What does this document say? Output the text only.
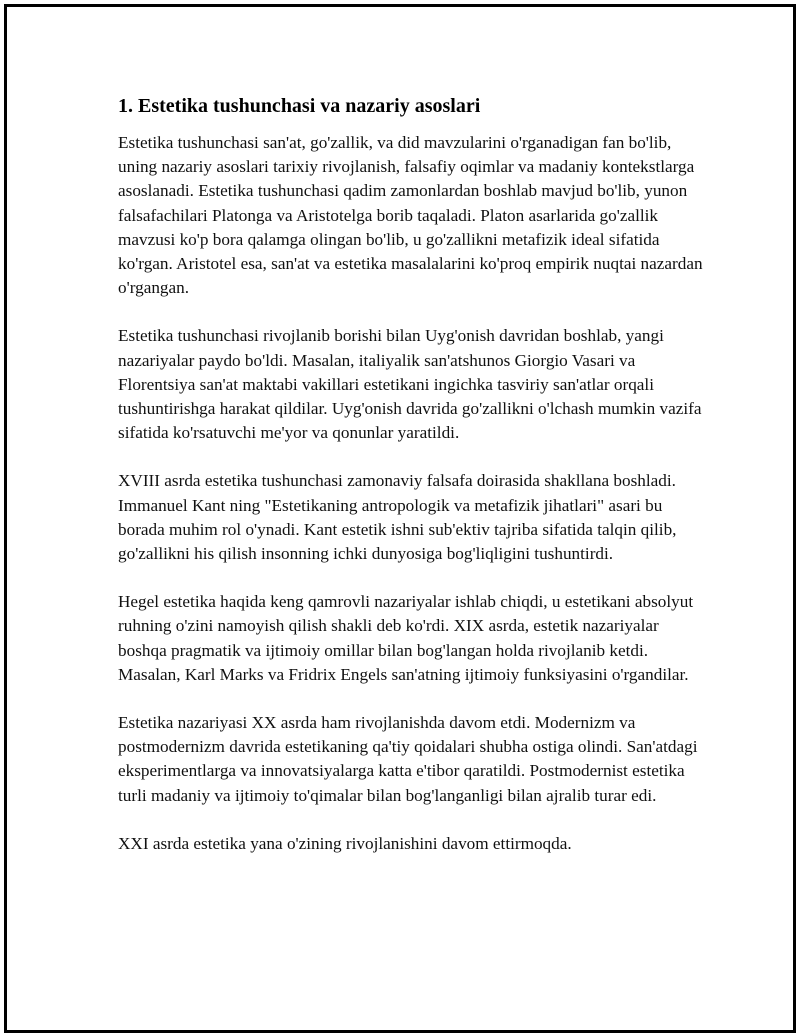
1. Estetika tushunchasi va nazariy asoslari

Estetika tushunchasi san'at, go'zallik, va did mavzularini o'rganadigan fan bo'lib, uning nazariy asoslari tarixiy rivojlanish, falsafiy oqimlar va madaniy kontekstlarga asoslanadi. Estetika tushunchasi qadim zamonlardan boshlab mavjud bo'lib, yunon falsafachilari Platonga va Aristotelga borib taqaladi. Platon asarlarida go'zallik mavzusi ko'p bora qalamga olingan bo'lib, u go'zallikni metafizik ideal sifatida ko'rgan. Aristotel esa, san'at va estetika masalalarini ko'proq empirik nuqtai nazardan o'rgangan.

Estetika tushunchasi rivojlanib borishi bilan Uyg'onish davridan boshlab, yangi nazariyalar paydo bo'ldi. Masalan, italiyalik san'atshunos Giorgio Vasari va Florentsiya san'at maktabi vakillari estetikani ingichka tasviriy san'atlar orqali tushuntirishga harakat qildilar. Uyg'onish davrida go'zallikni o'lchash mumkin vazifa sifatida ko'rsatuvchi me'yor va qonunlar yaratildi.

XVIII asrda estetika tushunchasi zamonaviy falsafa doirasida shakllana boshladi. Immanuel Kant ning "Estetikaning antropologik va metafizik jihatlari" asari bu borada muhim rol o'ynadi. Kant estetik ishni sub'ektiv tajriba sifatida talqin qilib, go'zallikni his qilish insonning ichki dunyosiga bog'liqligini tushuntirdi.

Hegel estetika haqida keng qamrovli nazariyalar ishlab chiqdi, u estetikani absolyut ruhning o'zini namoyish qilish shakli deb ko'rdi. XIX asrda, estetik nazariyalar boshqa pragmatik va ijtimoiy omillar bilan bog'langan holda rivojlanib ketdi. Masalan, Karl Marks va Fridrix Engels san'atning ijtimoiy funksiyasini o'rgandilar.

Estetika nazariyasi XX asrda ham rivojlanishda davom etdi. Modernizm va postmodernizm davrida estetikaning qa'tiy qoidalari shubha ostiga olindi. San'atdagi eksperimentlarga va innovatsiyalarga katta e'tibor qaratildi. Postmodernist estetika turli madaniy va ijtimoiy to'qimalar bilan bog'langanligi bilan ajralib turar edi.

XXI asrda estetika yana o'zining rivojlanishini davom ettirmoqda.
